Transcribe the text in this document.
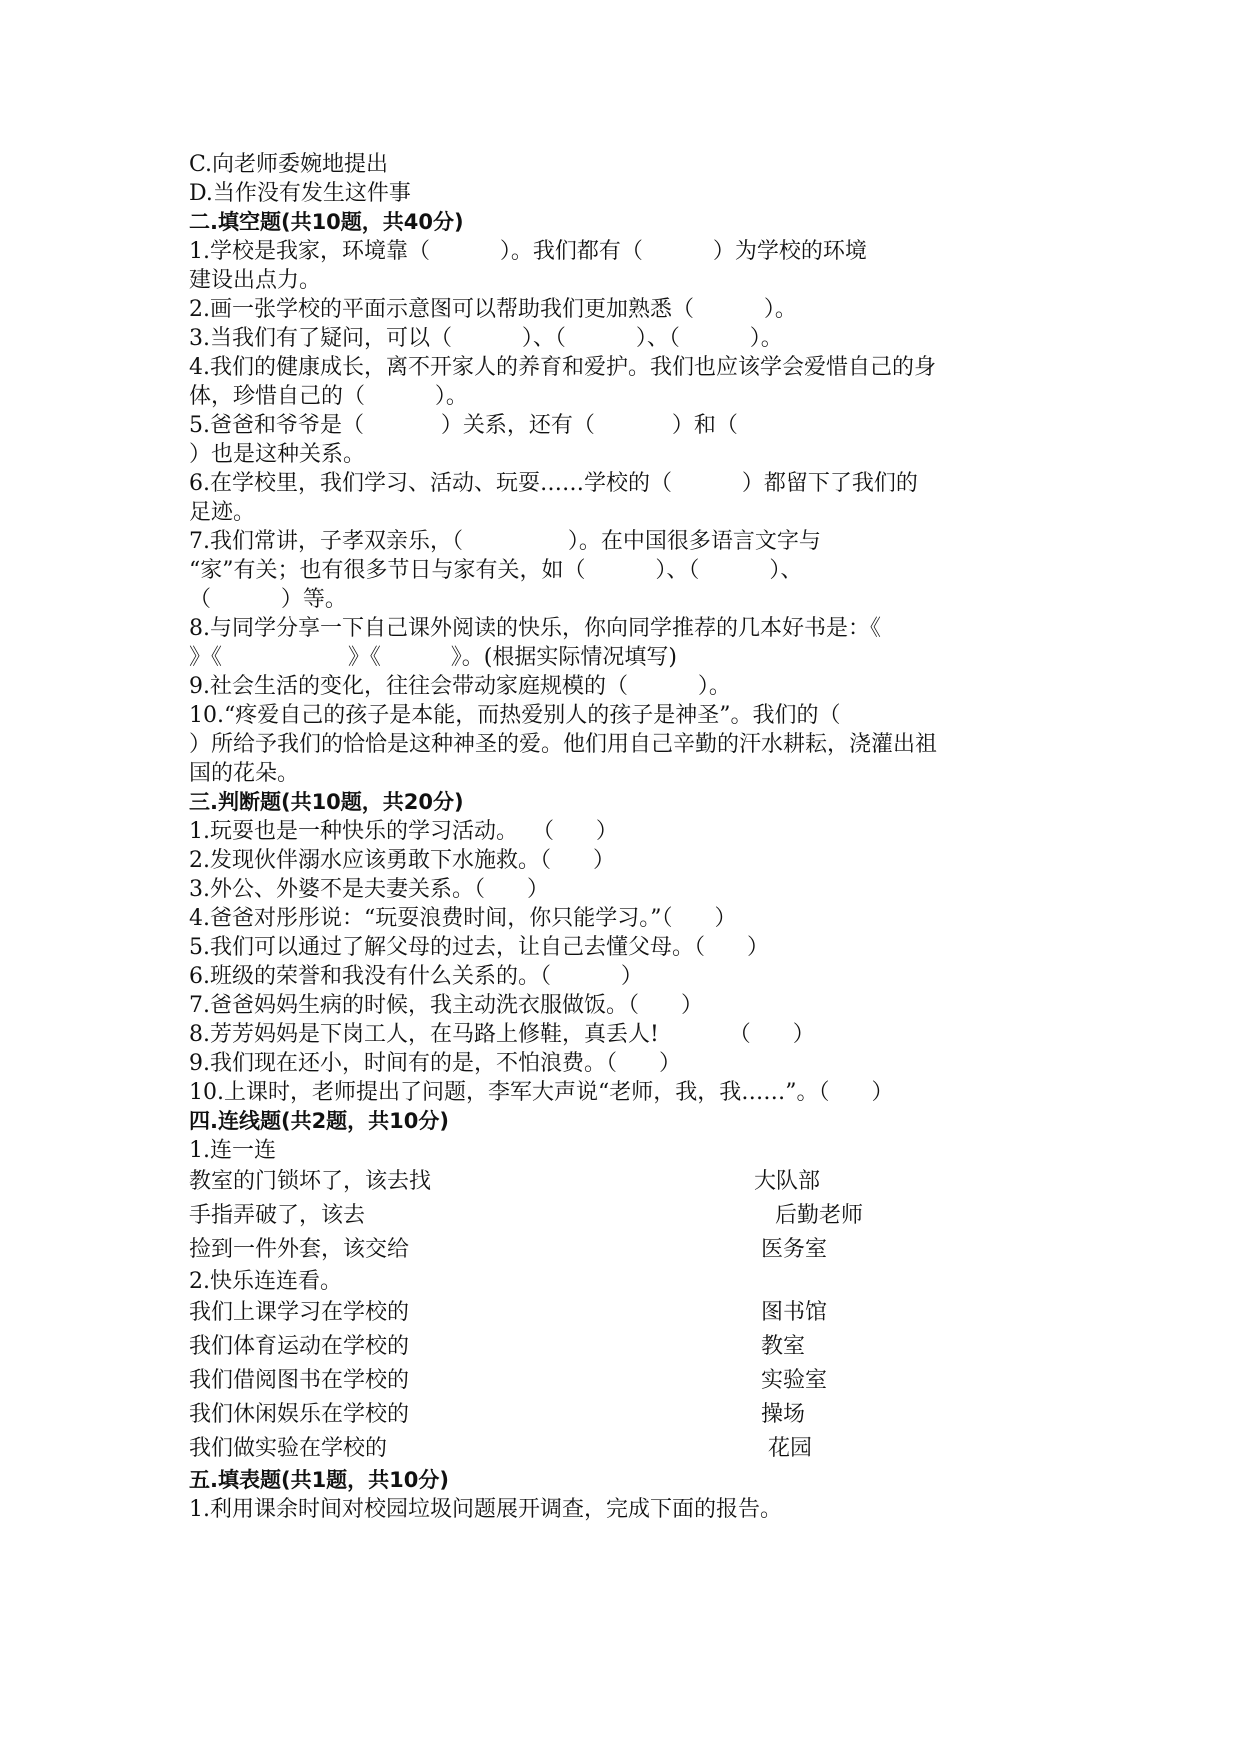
C.向老师委婉地提出
D.当作没有发生这件事
二.填空题(共10题，共40分)
1.学校是我家，环境靠（          ）。我们都有（          ）为学校的环境
建设出点力。
2.画一张学校的平面示意图可以帮助我们更加熟悉（          ）。
3.当我们有了疑问，可以（          ）、（          ）、（          ）。
4.我们的健康成长，离不开家人的养育和爱护。我们也应该学会爱惜自己的身
体，珍惜自己的（          ）。
5.爸爸和爷爷是（           ）关系，还有（           ）和（
）也是这种关系。
6.在学校里，我们学习、活动、玩耍……学校的（          ）都留下了我们的
足迹。
7.我们常讲，子孝双亲乐，（               ）。在中国很多语言文字与
“家”有关；也有很多节日与家有关，如（          ）、（          ）、
（          ）等。
8.与同学分享一下自己课外阅读的快乐，你向同学推荐的几本好书是：《
》《                  》《          》。(根据实际情况填写)
9.社会生活的变化，往往会带动家庭规模的（          ）。
10.“疼爱自己的孩子是本能，而热爱别人的孩子是神圣”。我们的（
）所给予我们的恰恰是这种神圣的爱。他们用自己辛勤的汗水耕耘，浇灌出祖
国的花朵。
三.判断题(共10题，共20分)
1.玩耍也是一种快乐的学习活动。  （      ）
2.发现伙伴溺水应该勇敢下水施救。（      ）
3.外公、外婆不是夫妻关系。（      ）
4.爸爸对彤彤说：“玩耍浪费时间，你只能学习。”（      ）
5.我们可以通过了解父母的过去，让自己去懂父母。（      ）
6.班级的荣誉和我没有什么关系的。（          ）
7.爸爸妈妈生病的时候，我主动洗衣服做饭。（      ）
8.芳芳妈妈是下岗工人，在马路上修鞋，真丢人!          （      ）
9.我们现在还小，时间有的是，不怕浪费。（      ）
10.上课时，老师提出了问题，李军大声说“老师，我，我……”。（      ）
四.连线题(共2题，共10分)
1.连一连
教室的门锁坏了，该去找	大队部
手指弄破了，该去	后勤老师
捡到一件外套，该交给	医务室
2.快乐连连看。
我们上课学习在学校的	图书馆
我们体育运动在学校的	教室
我们借阅图书在学校的	实验室
我们休闲娱乐在学校的	操场
我们做实验在学校的	花园
五.填表题(共1题，共10分)
1.利用课余时间对校园垃圾问题展开调查，完成下面的报告。
